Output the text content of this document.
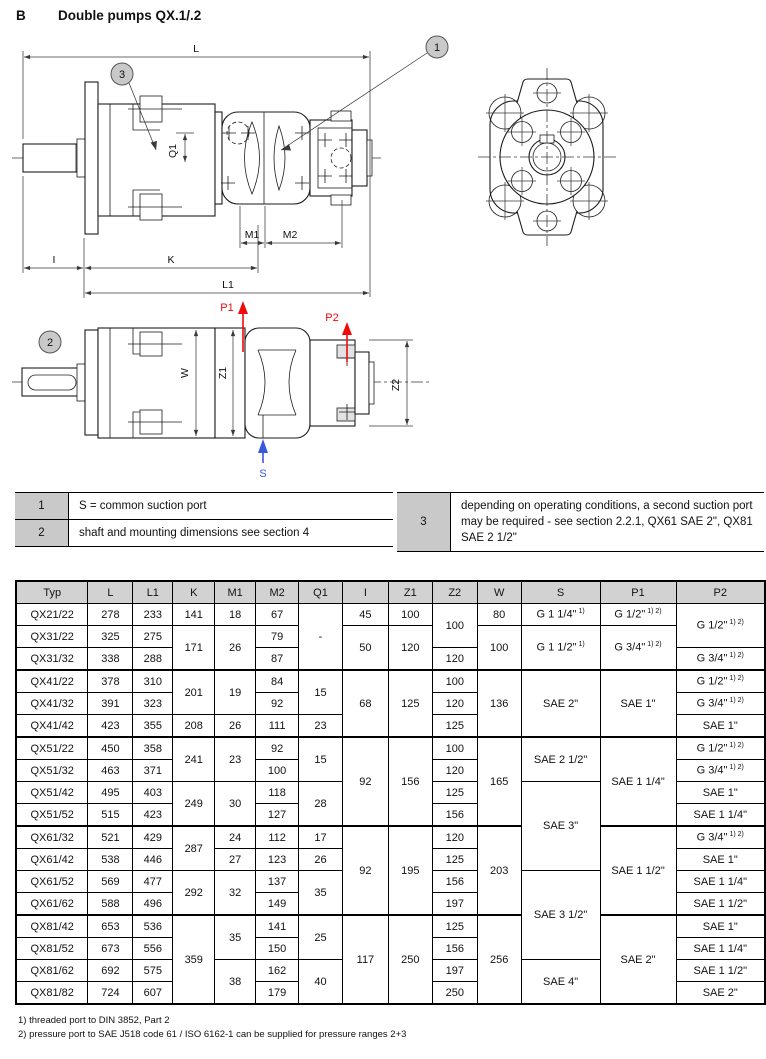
B Double pumps QX.1/.2
Q1
3
1
L
M1 M2
I	K
L1
W Z1
Z2
P1
P2
S
2
1	S = common suction port
2	shaft and mounting dimensions see section 4
3
depending on operating conditions, a second suction port may be required - see section 2.2.1, QX61 SAE 2", QX81 SAE 2 1/2"
Typ	L	L1	K	M1	M2	Q1	I	Z1	Z2	W	S	P1	P2
QX21/22	278	233	141	18	67	-	45	100	100	80	G 1 1/4" $^{1)}$	G 1/2" $^{1) 2)}$	G 1/2" $^{1) 2)}$
QX31/22	325	275	171	26	79		50	120		100	G 1 1/2" $^{1)}$	G 3/4" $^{1) 2)}$
QX31/32	338	288			87				120				G 3/4" $^{1) 2)}$
QX41/22	378	310	201	19	84	15	68	125	100	136	SAE 2"	SAE 1"	G 1/2" $^{1) 2)}$
QX41/32	391	323			92				120				G 3/4" $^{1) 2)}$
QX41/42	423	355	208	26	111	23			125				SAE 1"
QX51/22	450	358	241	23	92	15	92	156	100	165	SAE 2 1/2"	SAE 1 1/4"	G 1/2" $^{1) 2)}$
QX51/32	463	371			100				120				G 3/4" $^{1) 2)}$
QX51/42	495	403	249	30	118	28			125		SAE 3"		SAE 1"
QX51/52	515	423			127				156				SAE 1 1/4"
QX61/32	521	429	287	24	112	17	92	195	120	203		SAE 1 1/2"	G 3/4" $^{1) 2)}$
QX61/42	538	446		27	123	26			125				SAE 1"
QX61/52	569	477	292	32	137	35			156		SAE 3 1/2"		SAE 1 1/4"
QX61/62	588	496			149				197				SAE 1 1/2"
QX81/42	653	536	359	35	141	25	117	250	125	256		SAE 2"	SAE 1"
QX81/52	673	556			150				156				SAE 1 1/4"
QX81/62	692	575		38	162	40			197		SAE 4"		SAE 1 1/2"
QX81/82	724	607			179				250				SAE 2"
1) threaded port to DIN 3852, Part 2
2) pressure port to SAE J518 code 61 / ISO 6162-1 can be supplied for pressure ranges 2+3
